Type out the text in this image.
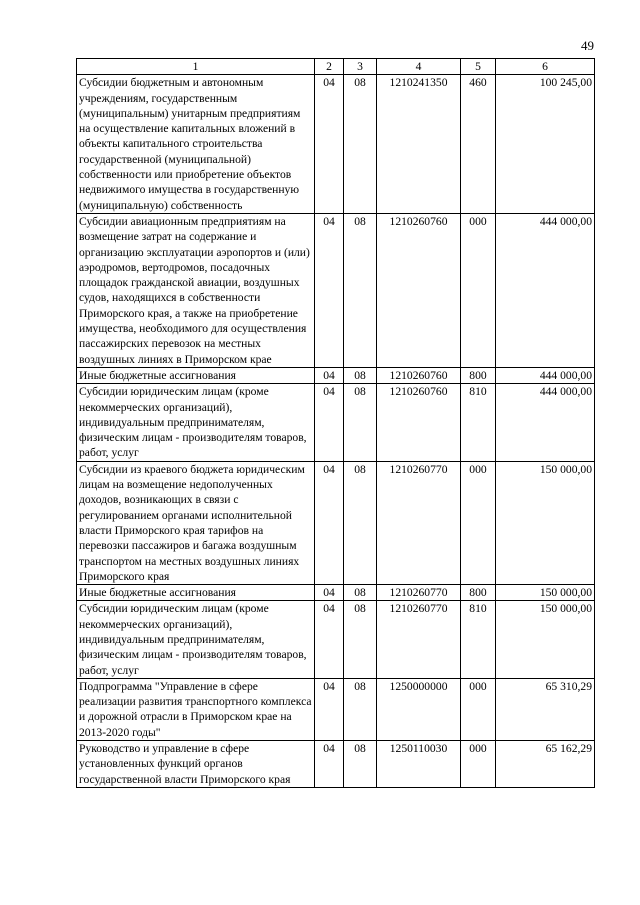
49
1	2	3	4	5	6
Субсидии бюджетным и автономным учреждениям, государственным (муниципальным) унитарным предприятиям на осуществление капитальных вложений в объекты капитального строительства государственной (муниципальной) собственности или приобретение объектов недвижимого имущества в государственную (муниципальную) собственность	04	08	1210241350	460	100 245,00
Субсидии авиационным предприятиям на возмещение затрат на содержание и организацию эксплуатации аэропортов и (или) аэродромов, вертодромов, посадочных площадок гражданской авиации, воздушных судов, находящихся в собственности Приморского края, а также на приобретение имущества, необходимого для осуществления пассажирских перевозок на местных воздушных линиях в Приморском крае	04	08	1210260760	000	444 000,00
Иные бюджетные ассигнования	04	08	1210260760	800	444 000,00
Субсидии юридическим лицам (кроме некоммерческих организаций), индивидуальным предпринимателям, физическим лицам - производителям товаров, работ, услуг	04	08	1210260760	810	444 000,00
Субсидии из краевого бюджета юридическим лицам на возмещение недополученных доходов, возникающих в связи с регулированием органами исполнительной власти Приморского края тарифов на перевозки пассажиров и багажа воздушным транспортом на местных воздушных линиях Приморского края	04	08	1210260770	000	150 000,00
Иные бюджетные ассигнования	04	08	1210260770	800	150 000,00
Субсидии юридическим лицам (кроме некоммерческих организаций), индивидуальным предпринимателям, физическим лицам - производителям товаров, работ, услуг	04	08	1210260770	810	150 000,00
Подпрограмма "Управление в сфере реализации развития транспортного комплекса и дорожной отрасли в Приморском крае на 2013-2020 годы"	04	08	1250000000	000	65 310,29
Руководство и управление в сфере установленных функций органов государственной власти Приморского края	04	08	1250110030	000	65 162,29
